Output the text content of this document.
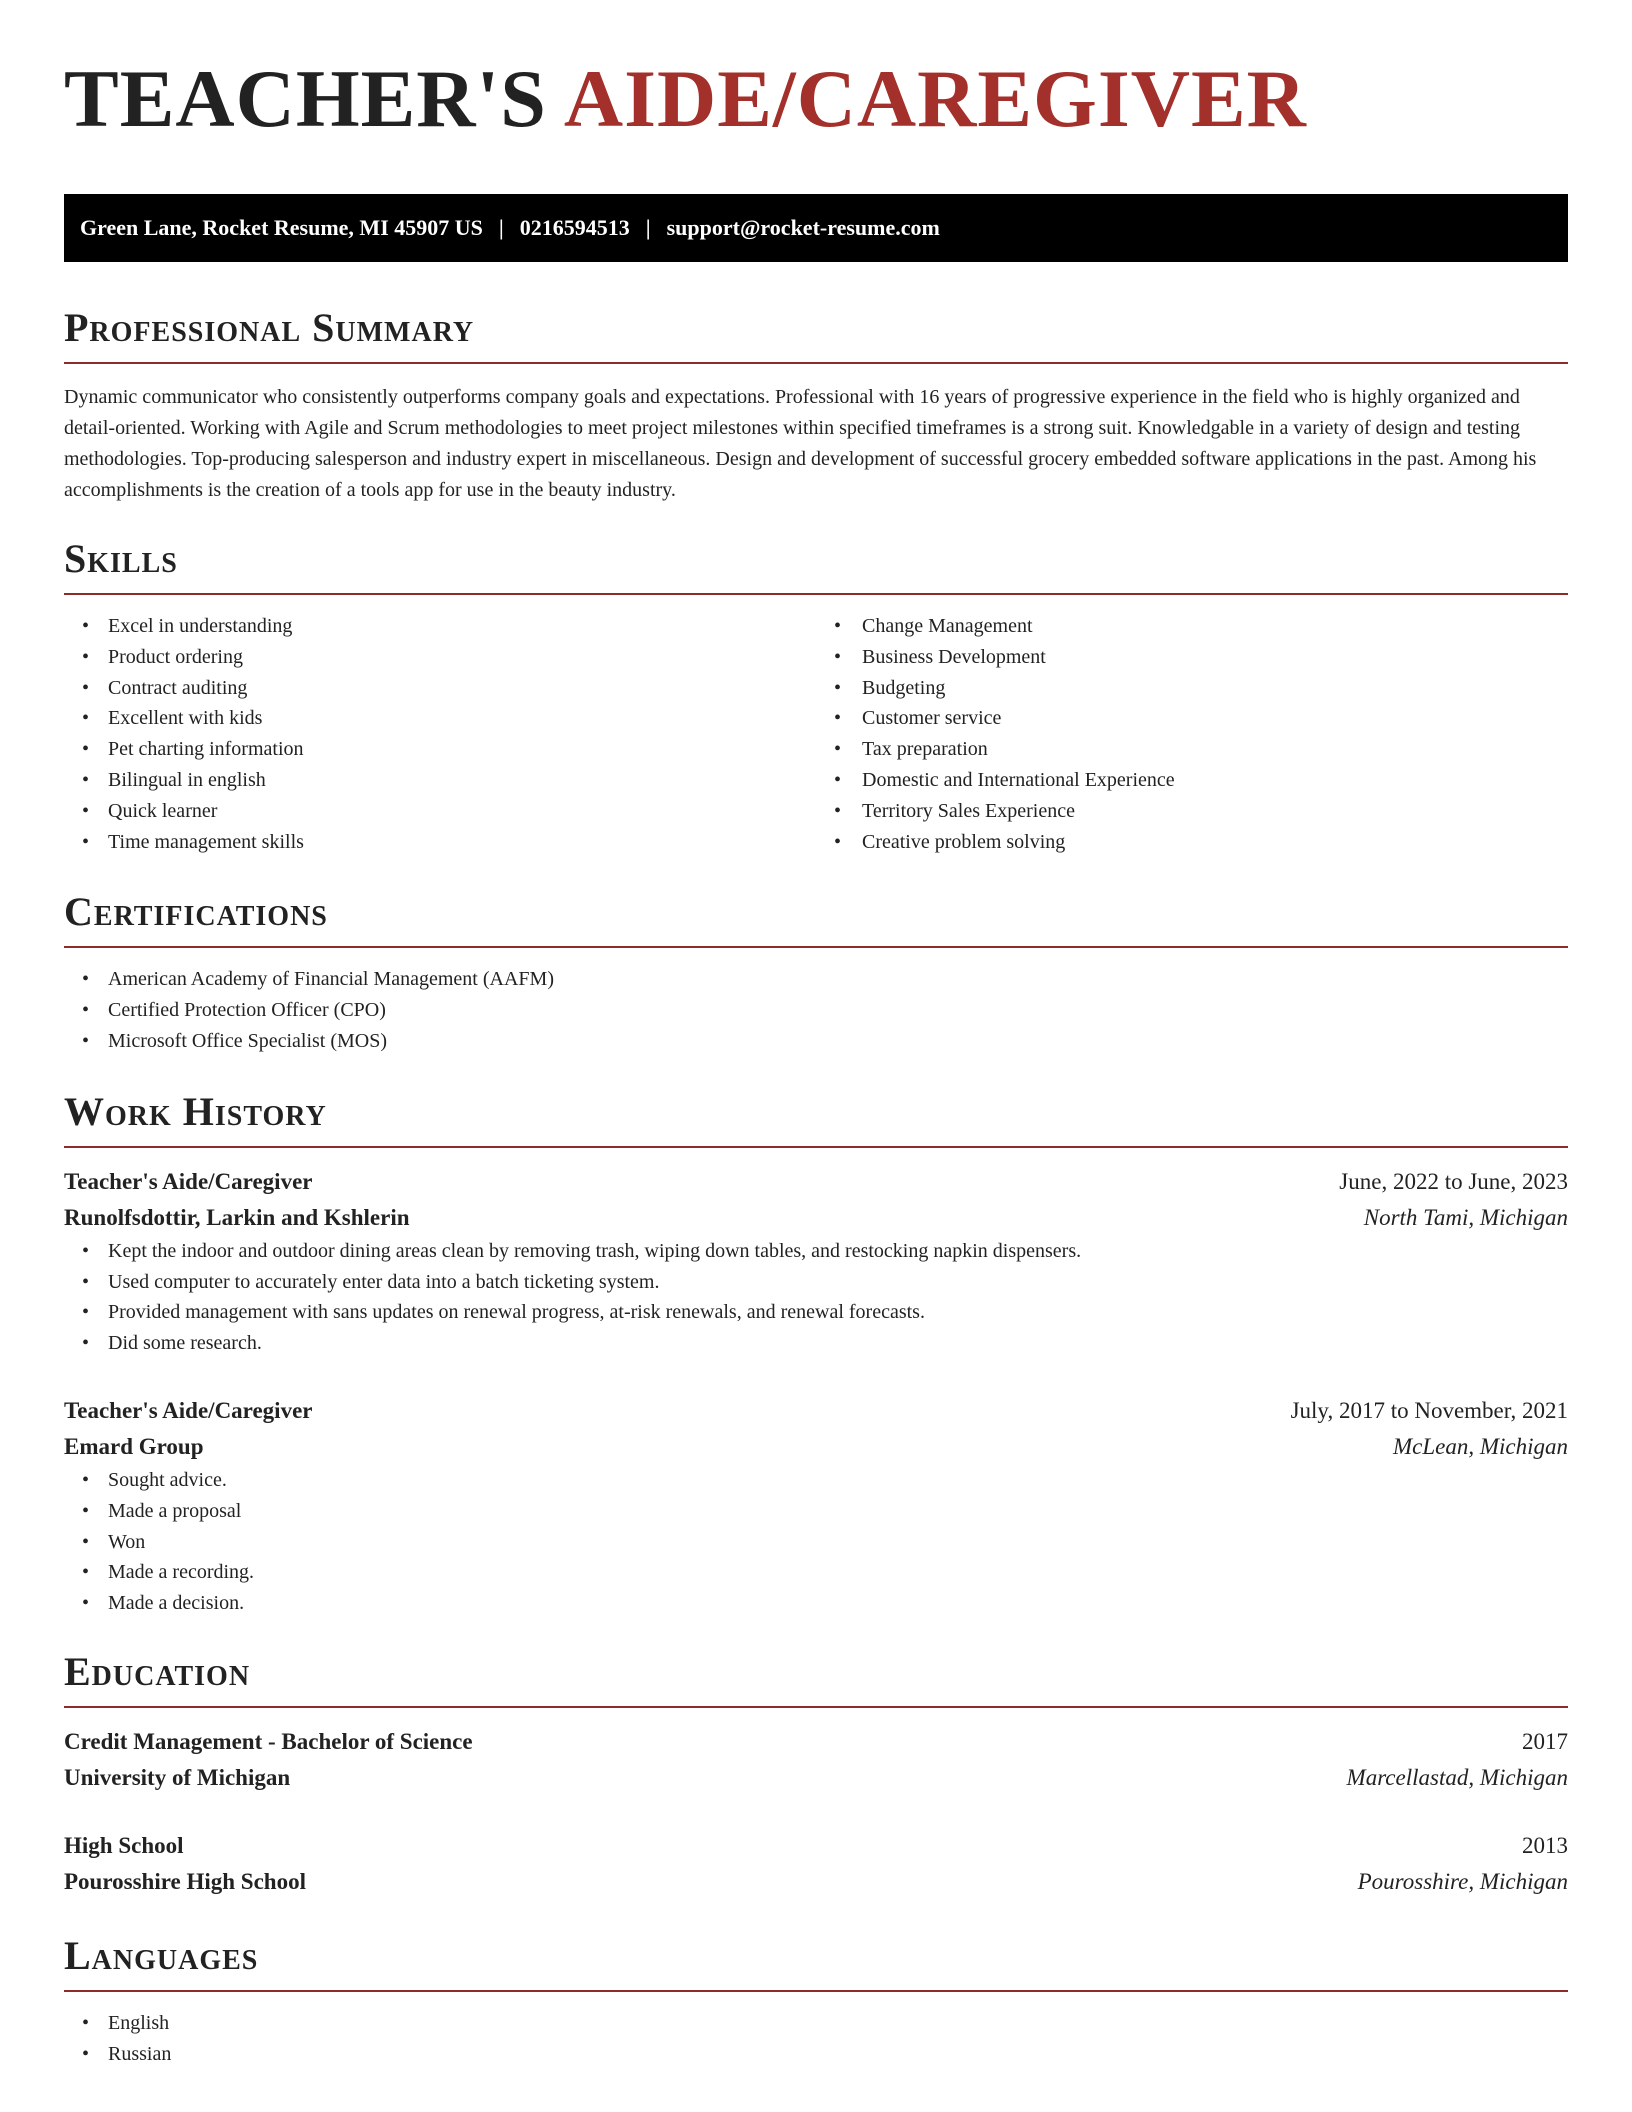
TEACHER'S AIDE/CAREGIVER
Green Lane, Rocket Resume, MI 45907 US | 0216594513 | support@rocket-resume.com
Professional Summary

Dynamic communicator who consistently outperforms company goals and expectations. Professional with 16 years of progressive experience in the field who is highly organized and detail-oriented. Working with Agile and Scrum methodologies to meet project milestones within specified timeframes is a strong suit. Knowledgable in a variety of design and testing methodologies. Top-producing salesperson and industry expert in miscellaneous. Design and development of successful grocery embedded software applications in the past. Among his accomplishments is the creation of a tools app for use in the beauty industry.

Skills
• Excel in understanding
• Product ordering
• Contract auditing
• Excellent with kids
• Pet charting information
• Bilingual in english
• Quick learner
• Time management skills
• Change Management
• Business Development
• Budgeting
• Customer service
• Tax preparation
• Domestic and International Experience
• Territory Sales Experience
• Creative problem solving
Certifications
• American Academy of Financial Management (AAFM)
• Certified Protection Officer (CPO)
• Microsoft Office Specialist (MOS)
Work History
Teacher's Aide/Caregiver	June, 2022 to June, 2023
Runolfsdottir, Larkin and Kshlerin	North Tami, Michigan
• Kept the indoor and outdoor dining areas clean by removing trash, wiping down tables, and restocking napkin dispensers.
• Used computer to accurately enter data into a batch ticketing system.
• Provided management with sans updates on renewal progress, at-risk renewals, and renewal forecasts.
• Did some research.
Teacher's Aide/Caregiver	July, 2017 to November, 2021
Emard Group	McLean, Michigan
• Sought advice.
• Made a proposal
• Won
• Made a recording.
• Made a decision.
Education
Credit Management - Bachelor of Science	2017
University of Michigan	Marcellastad, Michigan
High School	2013
Pourosshire High School	Pourosshire, Michigan
Languages
• English
• Russian
